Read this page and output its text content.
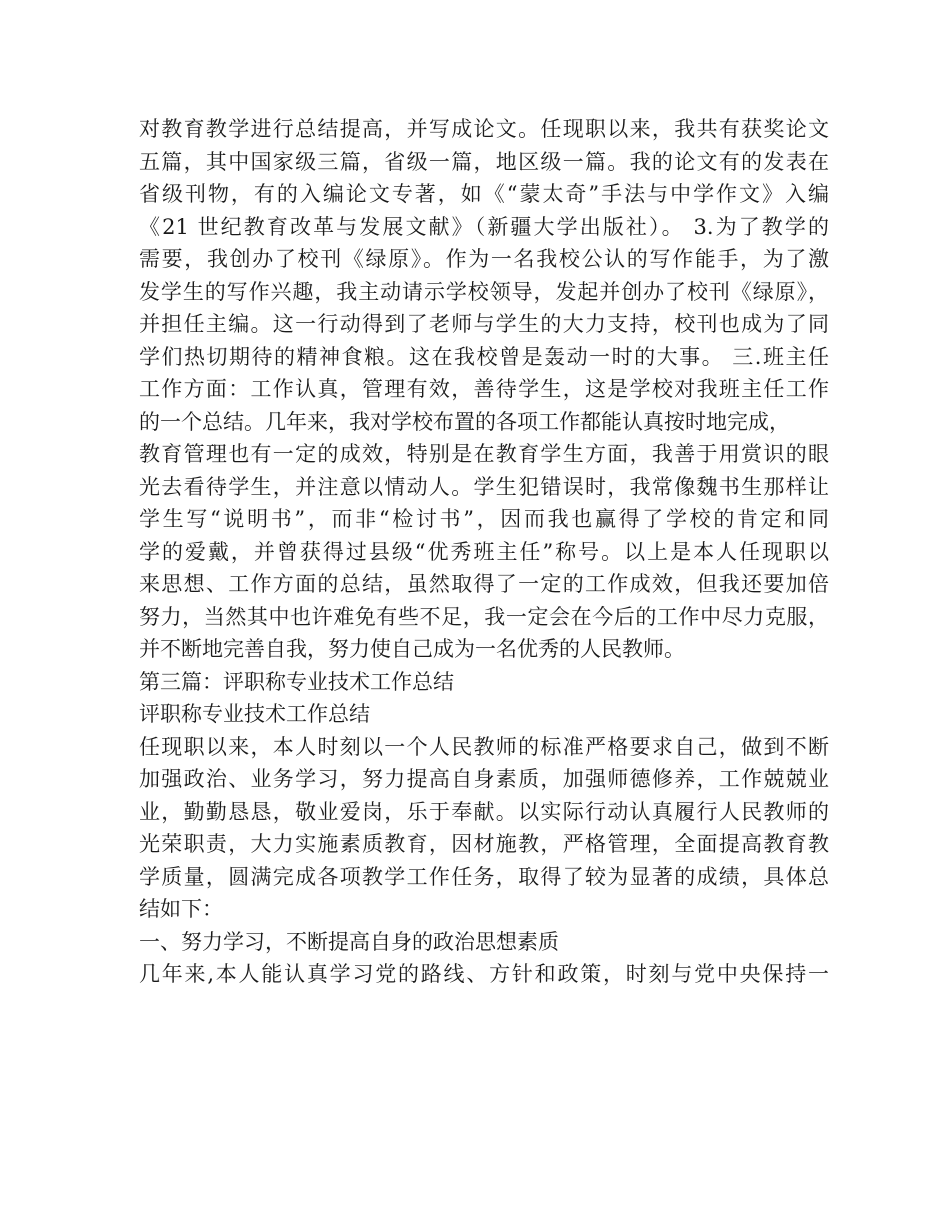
对教育教学进行总结提高，并写成论文。任现职以来，我共有获奖论文
五篇，其中国家级三篇，省级一篇，地区级一篇。我的论文有的发表在
省级刊物，有的入编论文专著，如《“蒙太奇”手法与中学作文》入编
《21 世纪教育改革与发展文献》（新疆大学出版社）。 3.为了教学的
需要，我创办了校刊《绿原》。作为一名我校公认的写作能手，为了激
发学生的写作兴趣，我主动请示学校领导，发起并创办了校刊《绿原》，
并担任主编。这一行动得到了老师与学生的大力支持，校刊也成为了同
学们热切期待的精神食粮。这在我校曾是轰动一时的大事。 三.班主任
工作方面：工作认真，管理有效，善待学生，这是学校对我班主任工作
的一个总结。几年来，我对学校布置的各项工作都能认真按时地完成，
教育管理也有一定的成效，特别是在教育学生方面，我善于用赏识的眼
光去看待学生，并注意以情动人。学生犯错误时，我常像魏书生那样让
学生写“说明书”，而非“检讨书”，因而我也赢得了学校的肯定和同
学的爱戴，并曾获得过县级“优秀班主任”称号。以上是本人任现职以
来思想、工作方面的总结，虽然取得了一定的工作成效，但我还要加倍
努力，当然其中也许难免有些不足，我一定会在今后的工作中尽力克服，
并不断地完善自我，努力使自己成为一名优秀的人民教师。
第三篇：评职称专业技术工作总结
评职称专业技术工作总结
任现职以来，本人时刻以一个人民教师的标准严格要求自己，做到不断
加强政治、业务学习，努力提高自身素质，加强师德修养，工作兢兢业
业，勤勤恳恳，敬业爱岗，乐于奉献。以实际行动认真履行人民教师的
光荣职责，大力实施素质教育，因材施教，严格管理，全面提高教育教
学质量，圆满完成各项教学工作任务，取得了较为显著的成绩，具体总
结如下：
一、努力学习，不断提高自身的政治思想素质
几年来,本人能认真学习党的路线、方针和政策，时刻与党中央保持一
